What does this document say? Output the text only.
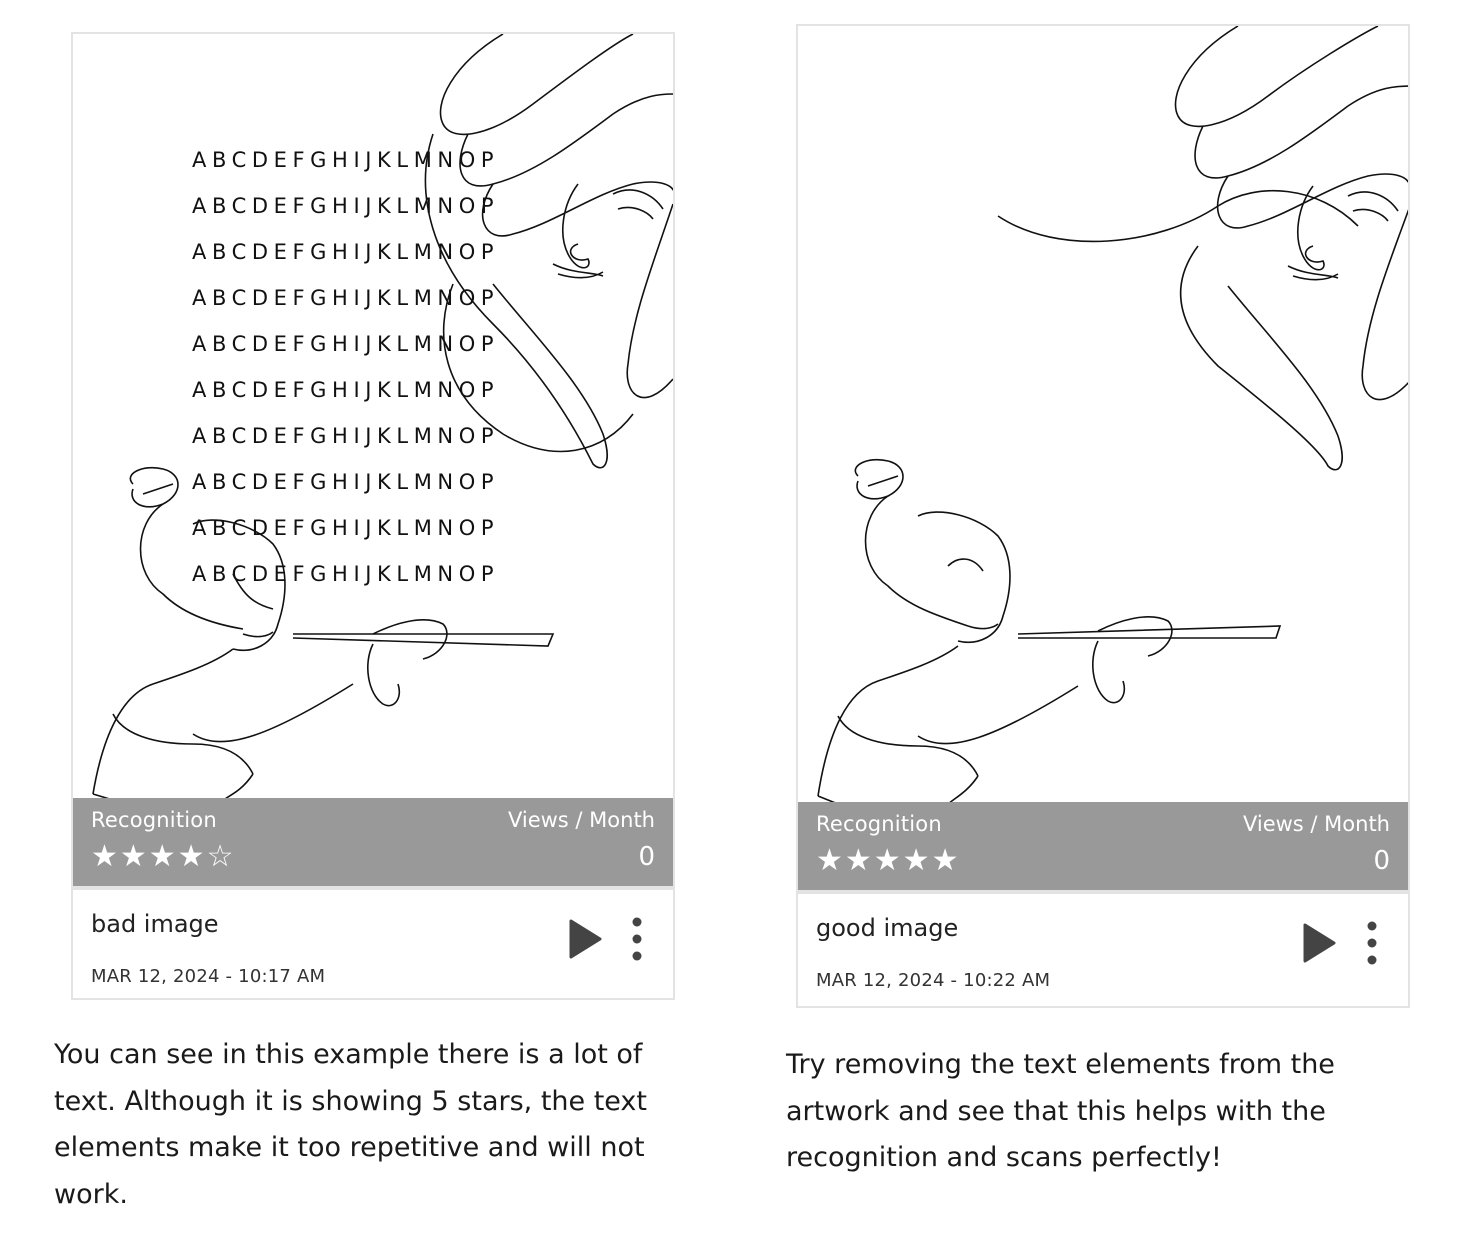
ABCDEFGHIJKLMNOP
ABCDEFGHIJKLMNOP
ABCDEFGHIJKLMNOP
ABCDEFGHIJKLMNOP
ABCDEFGHIJKLMNOP
ABCDEFGHIJKLMNOP
ABCDEFGHIJKLMNOP
ABCDEFGHIJKLMNOP
ABCDEFGHIJKLMNOP
ABCDEFGHIJKLMNOP
Recognition
★★★★☆
Views / Month
0
bad image
MAR 12, 2024 - 10:17 AM
Recognition
★★★★★
Views / Month
0
good image
MAR 12, 2024 - 10:22 AM

You can see in this example there is a lot of text. Although it is showing 5 stars, the text elements make it too repetitive and will not work.

Try removing the text elements from the artwork and see that this helps with the recognition and scans perfectly!
